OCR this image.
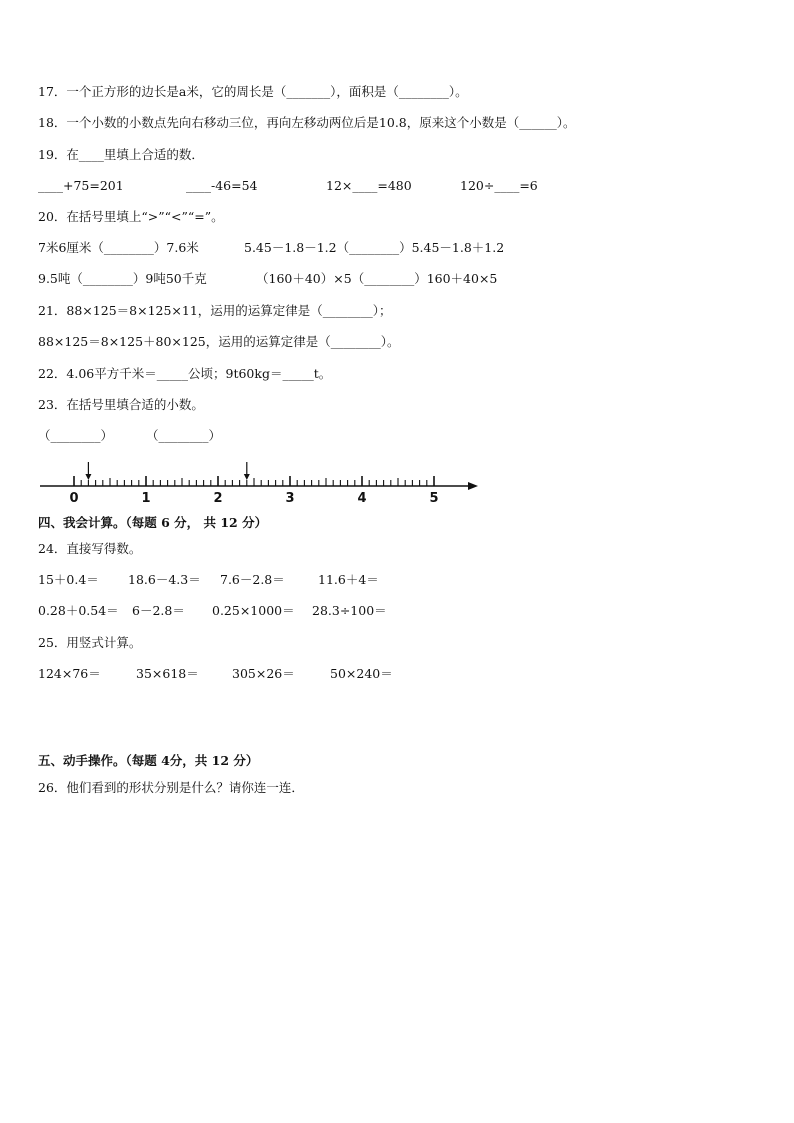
17．一个正方形的边长是a米，它的周长是（_______），面积是（________）。
18．一个小数的小数点先向右移动三位，再向左移动两位后是10.8，原来这个小数是（______）。
19．在____里填上合适的数．
____+75=201	____-46=54	12×____=480	120÷____=6
20．在括号里填上“>”“<”“=”。
7米6厘米（________）7.6米	5.45－1.8－1.2（________）5.45－1.8＋1.2
9.5吨（________）9吨50千克	（160＋40）×5（________）160＋40×5
21．88×125＝8×125×11，运用的运算定律是（________）；
88×125＝8×125＋80×125，运用的运算定律是（________）。
22．4.06平方千米＝_____公顷；9t60kg＝_____t。
23．在括号里填合适的小数。
（________）	（________）
0	1	2	3	4	5
四、我会计算。（每题 6 分， 共 12 分）
24．直接写得数。
15＋0.4＝ 18.6－4.3＝ 7.6－2.8＝	11.6＋4＝
0.28＋0.54＝ 6－2.8＝ 0.25×1000＝ 28.3÷100＝
25．用竖式计算。
124×76＝	35×618＝	305×26＝	50×240＝
五、动手操作。（每题 4分，共 12 分）
26．他们看到的形状分别是什么？请你连一连．
